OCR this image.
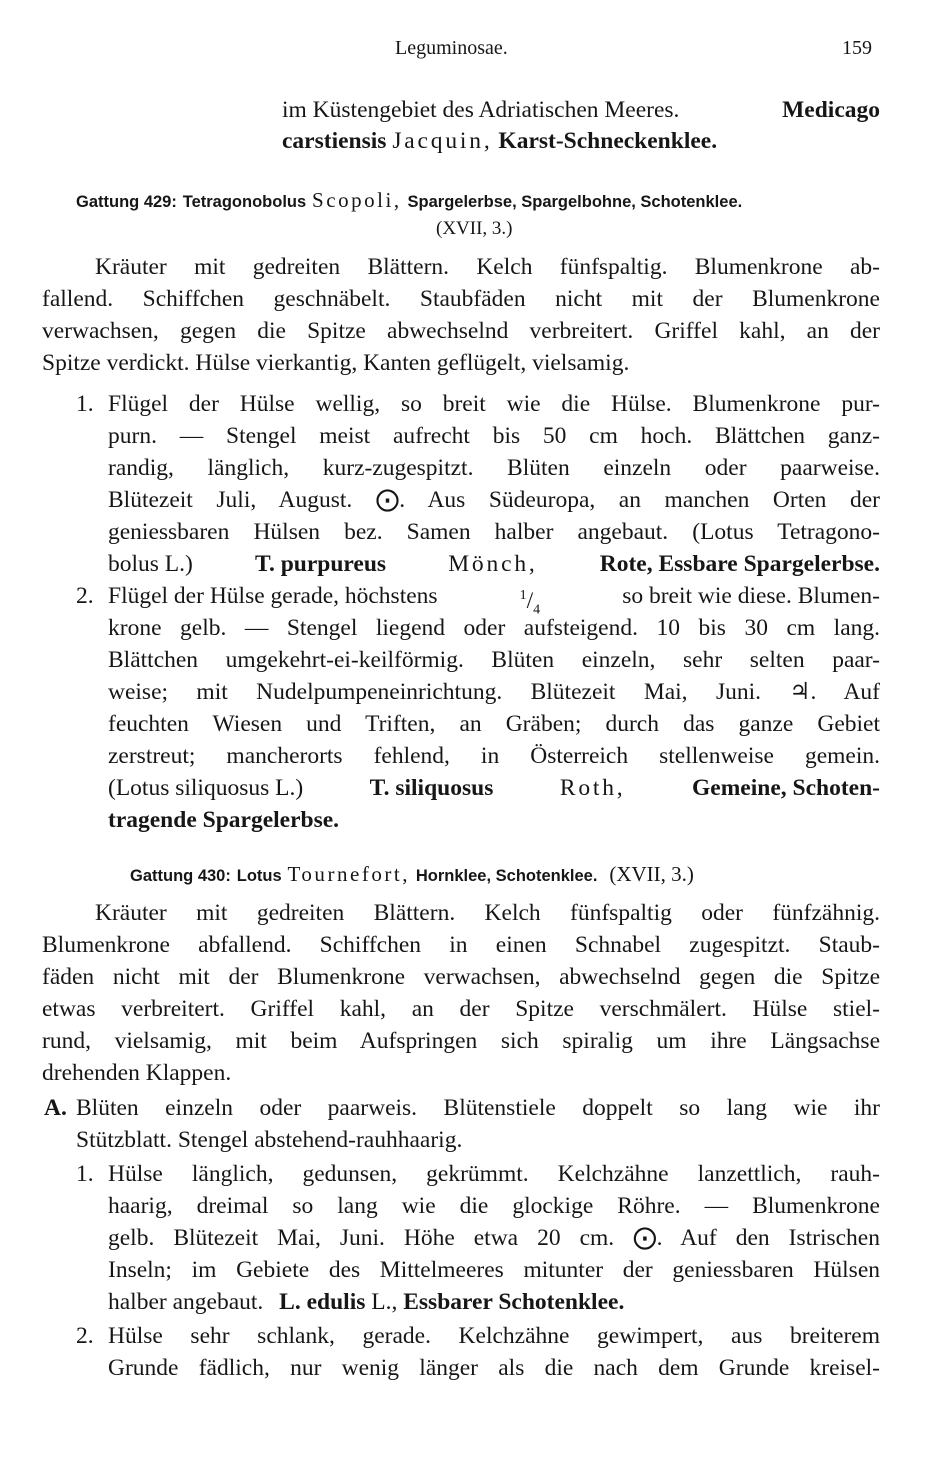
Leguminosae.	159
im Küstengebiet des Adriatischen Meeres.	Medicago
carstiensis Jacquin, Karst-Schneckenklee.
Gattung 429: Tetragonobolus Scopoli, Spargelerbse, Spargelbohne, Schotenklee.
(XVII, 3.)
Kräuter mit gedreiten Blättern. Kelch fünfspaltig. Blumenkrone ab-
fallend. Schiffchen geschnäbelt. Staubfäden nicht mit der Blumenkrone
verwachsen, gegen die Spitze abwechselnd verbreitert. Griffel kahl, an der
Spitze verdickt. Hülse vierkantig, Kanten geflügelt, vielsamig.
1. Flügel der Hülse wellig, so breit wie die Hülse. Blumenkrone pur-
purn. — Stengel meist aufrecht bis 50 cm hoch. Blättchen ganz-
randig, länglich, kurz-zugespitzt. Blüten einzeln oder paarweise.
Blütezeit Juli, August. ⨀. Aus Südeuropa, an manchen Orten der
geniessbaren Hülsen bez. Samen halber angebaut. (Lotus Tetragono-
bolus L.)	T. purpureus	Mönch,	Rote, Essbare Spargelerbse.
2. Flügel der Hülse gerade, höchstens	$^1/_4$
so breit wie diese. Blumen-
krone gelb. — Stengel liegend oder aufsteigend. 10 bis 30 cm lang.
Blättchen umgekehrt-ei-keilförmig. Blüten einzeln, sehr selten paar-
weise; mit Nudelpumpeneinrichtung. Blütezeit Mai, Juni. ♃. Auf
feuchten Wiesen und Triften, an Gräben; durch das ganze Gebiet
zerstreut; mancherorts fehlend, in Österreich stellenweise gemein.
(Lotus siliquosus L.)	T. siliquosus	Roth,	Gemeine, Schoten-
tragende Spargelerbse.
Gattung 430: Lotus Tournefort, Hornklee, Schotenklee. (XVII, 3.)
Kräuter mit gedreiten Blättern. Kelch fünfspaltig oder fünfzähnig.
Blumenkrone abfallend. Schiffchen in einen Schnabel zugespitzt. Staub-
fäden nicht mit der Blumenkrone verwachsen, abwechselnd gegen die Spitze
etwas verbreitert. Griffel kahl, an der Spitze verschmälert. Hülse stiel-
rund, vielsamig, mit beim Aufspringen sich spiralig um ihre Längsachse
drehenden Klappen.
A. Blüten einzeln oder paarweis. Blütenstiele doppelt so lang wie ihr
Stützblatt. Stengel abstehend-rauhhaarig.
1. Hülse länglich, gedunsen, gekrümmt. Kelchzähne lanzettlich, rauh-
haarig, dreimal so lang wie die glockige Röhre. — Blumenkrone
gelb. Blütezeit Mai, Juni. Höhe etwa 20 cm. ⨀. Auf den Istrischen
Inseln; im Gebiete des Mittelmeeres mitunter der geniessbaren Hülsen
halber angebaut. L. edulis L., Essbarer Schotenklee.
2. Hülse sehr schlank, gerade. Kelchzähne gewimpert, aus breiterem
Grunde fädlich, nur wenig länger als die nach dem Grunde kreisel-
